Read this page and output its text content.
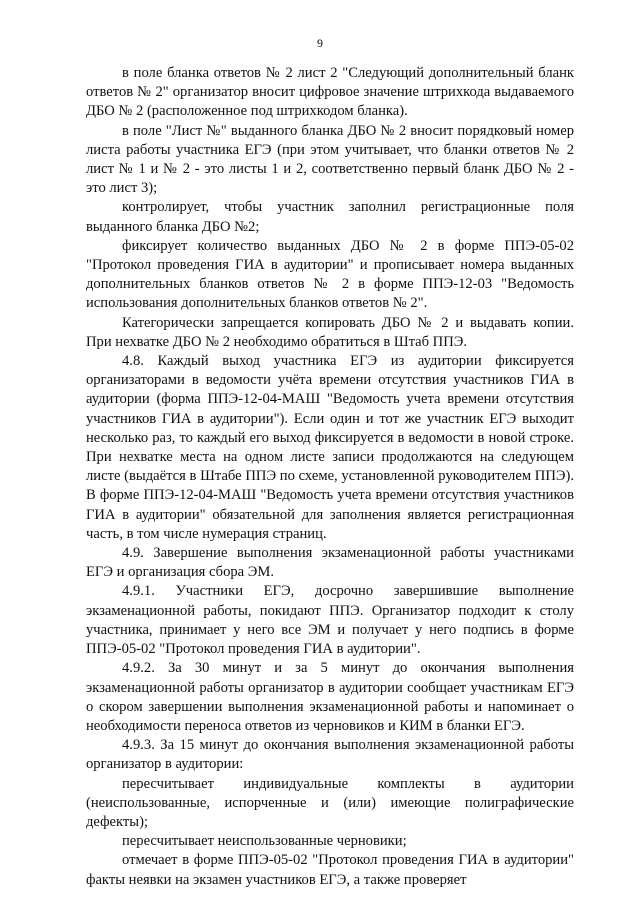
9

в поле бланка ответов № 2 лист 2 "Следующий дополнительный бланк ответов № 2" организатор вносит цифровое значение штрихкода выдаваемого ДБО № 2 (расположенное под штрихкодом бланка).

в поле "Лист №" выданного бланка ДБО № 2 вносит порядковый номер листа работы участника ЕГЭ (при этом учитывает, что бланки ответов № 2 лист № 1 и № 2 - это листы 1 и 2, соответственно первый бланк ДБО № 2 - это лист 3);

контролирует, чтобы участник заполнил регистрационные поля выданного бланка ДБО №2;

фиксирует количество выданных ДБО № 2 в форме ППЭ-05-02 "Протокол проведения ГИА в аудитории" и прописывает номера выданных дополнительных бланков ответов № 2 в форме ППЭ-12-03 "Ведомость использования дополнительных бланков ответов № 2".

Категорически запрещается копировать ДБО № 2 и выдавать копии. При нехватке ДБО № 2 необходимо обратиться в Штаб ППЭ.

4.8. Каждый выход участника ЕГЭ из аудитории фиксируется организаторами в ведомости учёта времени отсутствия участников ГИА в аудитории (форма ППЭ-12-04-МАШ "Ведомость учета времени отсутствия участников ГИА в аудитории"). Если один и тот же участник ЕГЭ выходит несколько раз, то каждый его выход фиксируется в ведомости в новой строке. При нехватке места на одном листе записи продолжаются на следующем листе (выдаётся в Штабе ППЭ по схеме, установленной руководителем ППЭ). В форме ППЭ-12-04-МАШ "Ведомость учета времени отсутствия участников ГИА в аудитории" обязательной для заполнения является регистрационная часть, в том числе нумерация страниц.

4.9. Завершение выполнения экзаменационной работы участниками ЕГЭ и организация сбора ЭМ.

4.9.1. Участники ЕГЭ, досрочно завершившие выполнение экзаменационной работы, покидают ППЭ. Организатор подходит к столу участника, принимает у него все ЭМ и получает у него подпись в форме ППЭ-05-02 "Протокол проведения ГИА в аудитории".

4.9.2. За 30 минут и за 5 минут до окончания выполнения экзаменационной работы организатор в аудитории сообщает участникам ЕГЭ о скором завершении выполнения экзаменационной работы и напоминает о необходимости переноса ответов из черновиков и КИМ в бланки ЕГЭ.

4.9.3. За 15 минут до окончания выполнения экзаменационной работы организатор в аудитории:

пересчитывает индивидуальные комплекты в аудитории (неиспользованные, испорченные и (или) имеющие полиграфические дефекты);

пересчитывает неиспользованные черновики;

отмечает в форме ППЭ-05-02 "Протокол проведения ГИА в аудитории" факты неявки на экзамен участников ЕГЭ, а также проверяет
